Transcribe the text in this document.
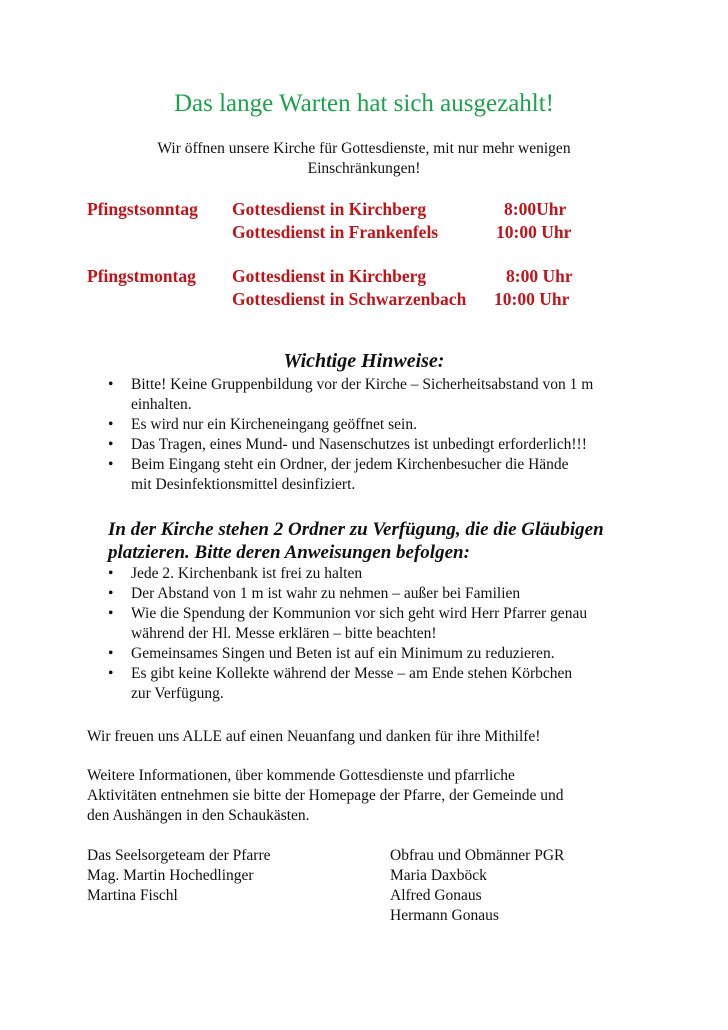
Das lange Warten hat sich ausgezahlt!
Wir öffnen unsere Kirche für Gottesdienste, mit nur mehr wenigen
Einschränkungen!
Pfingstsonntag Gottesdienst in Kirchberg	8:00Uhr
Gottesdienst in Frankenfels	10:00 Uhr
Pfingstmontag Gottesdienst in Kirchberg	8:00 Uhr
Gottesdienst in Schwarzenbach 10:00 Uhr
Wichtige Hinweise:
• Bitte! Keine Gruppenbildung vor der Kirche – Sicherheitsabstand von 1 m
einhalten.
• Es wird nur ein Kircheneingang geöffnet sein.
• Das Tragen, eines Mund- und Nasenschutzes ist unbedingt erforderlich!!!
• Beim Eingang steht ein Ordner, der jedem Kirchenbesucher die Hände
mit Desinfektionsmittel desinfiziert.
In der Kirche stehen 2 Ordner zu Verfügung, die die Gläubigen
platzieren. Bitte deren Anweisungen befolgen:
• Jede 2. Kirchenbank ist frei zu halten
• Der Abstand von 1 m ist wahr zu nehmen – außer bei Familien
• Wie die Spendung der Kommunion vor sich geht wird Herr Pfarrer genau
während der Hl. Messe erklären – bitte beachten!
• Gemeinsames Singen und Beten ist auf ein Minimum zu reduzieren.
• Es gibt keine Kollekte während der Messe – am Ende stehen Körbchen
zur Verfügung.
Wir freuen uns ALLE auf einen Neuanfang und danken für ihre Mithilfe!
Weitere Informationen, über kommende Gottesdienste und pfarrliche
Aktivitäten entnehmen sie bitte der Homepage der Pfarre, der Gemeinde und
den Aushängen in den Schaukästen.
Das Seelsorgeteam der Pfarre
Mag. Martin Hochedlinger
Martina Fischl
Obfrau und Obmänner PGR
Maria Daxböck
Alfred Gonaus
Hermann Gonaus
